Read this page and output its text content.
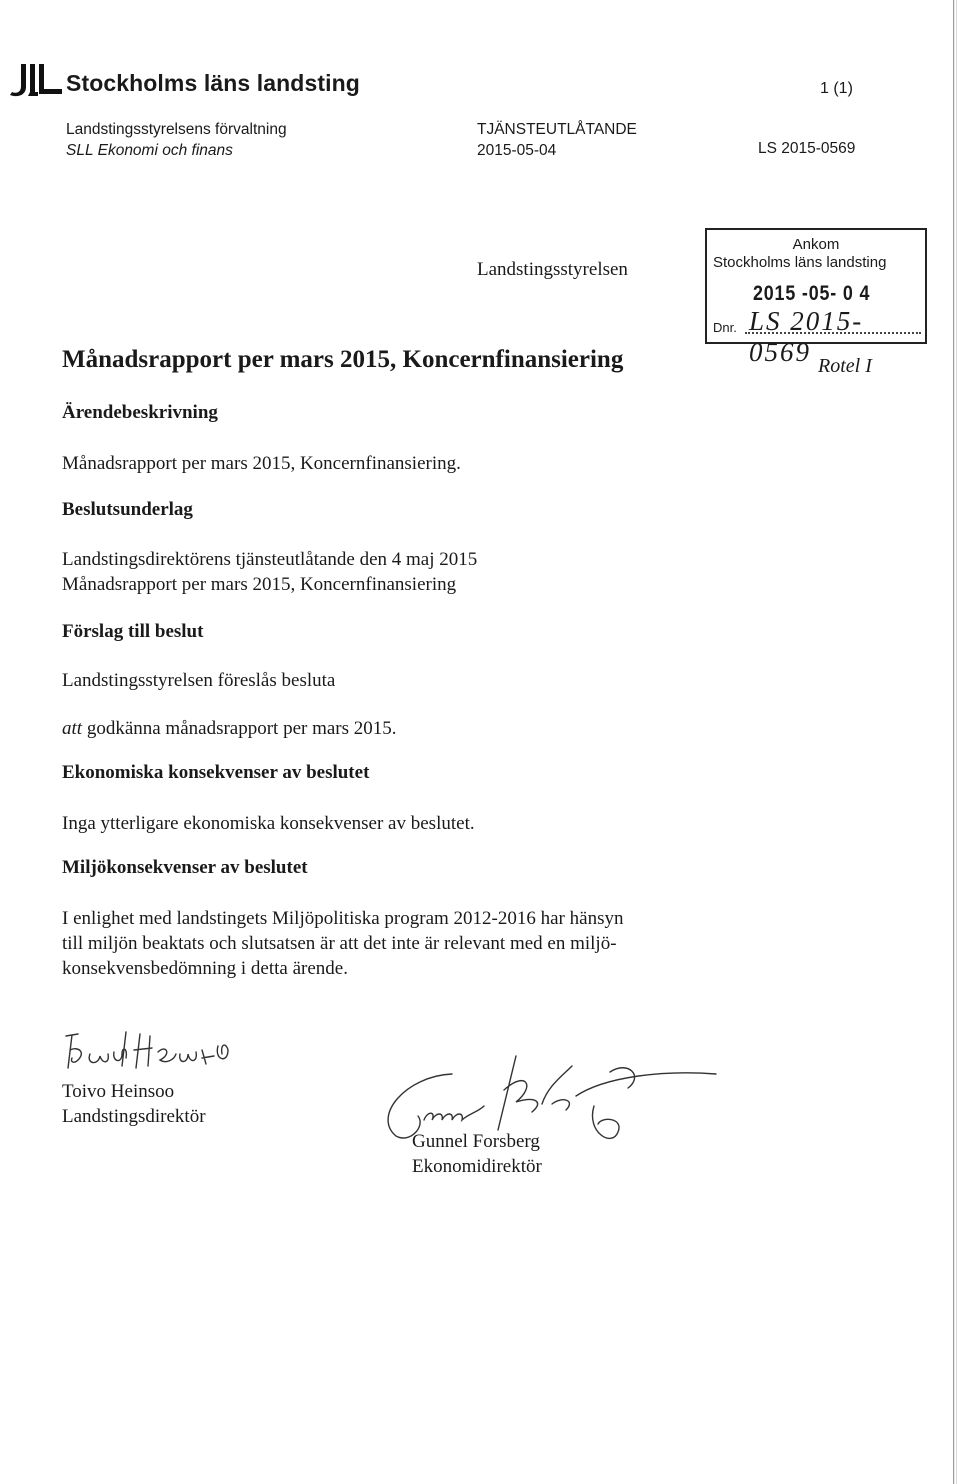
Stockholms läns landsting	1 (1)
Landstingsstyrelsens förvaltning
SLL Ekonomi och finans
TJÄNSTEUTLÅTANDE
2015-05-04	LS 2015-0569
Landstingsstyrelsen
Ankom
Stockholms läns landsting
2015 -05- 0 4
Dnr. LS 2015-0569 Rotel I
Månadsrapport per mars 2015, Koncernfinansiering
Ärendebeskrivning
Månadsrapport per mars 2015, Koncernfinansiering.
Beslutsunderlag
Landstingsdirektörens tjänsteutlåtande den 4 maj 2015
Månadsrapport per mars 2015, Koncernfinansiering
Förslag till beslut
Landstingsstyrelsen föreslås besluta
att godkänna månadsrapport per mars 2015.
Ekonomiska konsekvenser av beslutet
Inga ytterligare ekonomiska konsekvenser av beslutet.
Miljökonsekvenser av beslutet
I enlighet med landstingets Miljöpolitiska program 2012-2016 har hänsyn
till miljön beaktats och slutsatsen är att det inte är relevant med en miljö-
konsekvensbedömning i detta ärende.
Toivo Heinsoo
Landstingsdirektör
Gunnel Forsberg
Ekonomidirektör
